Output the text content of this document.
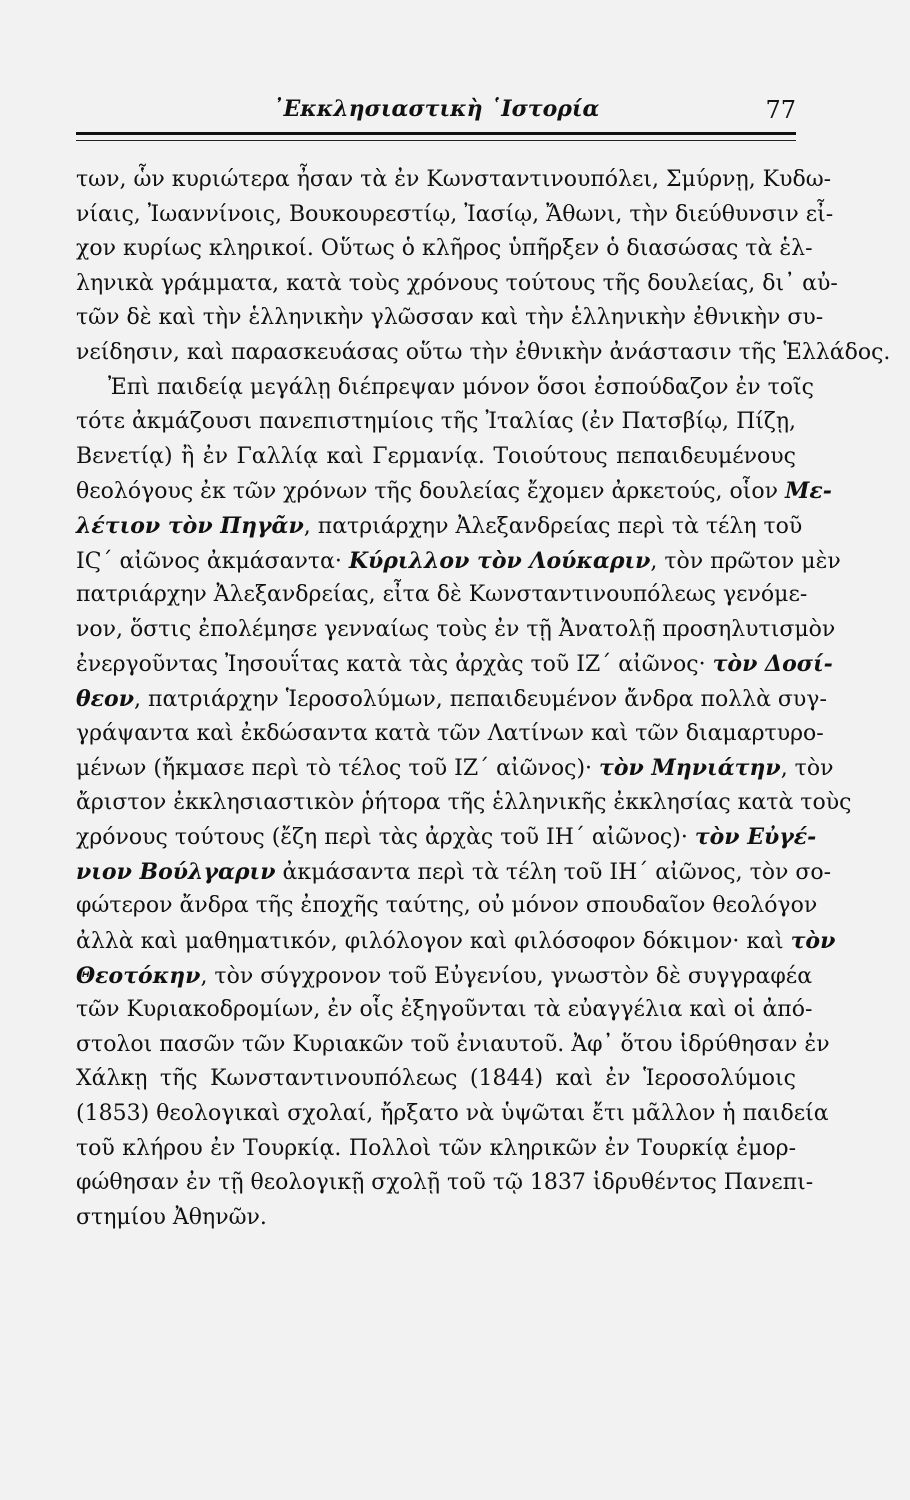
᾿Εκκλησιαστικὴ ῾Ιστορία	77
των, ὧν κυριώτερα ἦσαν τὰ ἐν Κωνσταντινουπόλει, Σμύρνῃ, Κυδω-
νίαις, Ἰωαννίνοις, Βουκουρεστίῳ, Ἰασίῳ, Ἄθωνι, τὴν διεύθυνσιν εἶ-
χον κυρίως κληρικοί. Οὕτως ὁ κλῆρος ὑπῆρξεν ὁ διασώσας τὰ ἑλ-
ληνικὰ γράμματα, κατὰ τοὺς χρόνους τούτους τῆς δουλείας, δι᾿ αὐ-
τῶν δὲ καὶ τὴν ἑλληνικὴν γλῶσσαν καὶ τὴν ἑλληνικὴν ἐθνικὴν συ-
νείδησιν, καὶ παρασκευάσας οὕτω τὴν ἐθνικὴν ἀνάστασιν τῆς Ἑλλάδος.
Ἐπὶ παιδείᾳ μεγάλῃ διέπρεψαν μόνον ὅσοι ἐσπούδαζον ἐν τοῖς
τότε ἀκμάζουσι πανεπιστημίοις τῆς Ἰταλίας (ἐν Πατσβίῳ, Πίζῃ,
Βενετίᾳ) ἢ ἐν Γαλλίᾳ καὶ Γερμανίᾳ. Τοιούτους πεπαιδευμένους
θεολόγους ἐκ τῶν χρόνων τῆς δουλείας ἔχομεν ἀρκετούς, οἷον Με-
λέτιον τὸν Πηγᾶν, πατριάρχην Ἀλεξανδρείας περὶ τὰ τέλη τοῦ
ΙϚ΄ αἰῶνος ἀκμάσαντα· Κύριλλον τὸν Λούκαριν, τὸν πρῶτον μὲν
πατριάρχην Ἀλεξανδρείας, εἶτα δὲ Κωνσταντινουπόλεως γενόμε-
νον, ὅστις ἐπολέμησε γενναίως τοὺς ἐν τῇ Ἀνατολῇ προσηλυτισμὸν
ἐνεργοῦντας Ἰησουΐτας κατὰ τὰς ἀρχὰς τοῦ ΙΖ΄ αἰῶνος· τὸν Δοσί-
θεον, πατριάρχην Ἱεροσολύμων, πεπαιδευμένον ἄνδρα πολλὰ συγ-
γράψαντα καὶ ἐκδώσαντα κατὰ τῶν Λατίνων καὶ τῶν διαμαρτυρο-
μένων (ἤκμασε περὶ τὸ τέλος τοῦ ΙΖ΄ αἰῶνος)· τὸν Μηνιάτην, τὸν
ἄριστον ἐκκλησιαστικὸν ῥήτορα τῆς ἑλληνικῆς ἐκκλησίας κατὰ τοὺς
χρόνους τούτους (ἔζη περὶ τὰς ἀρχὰς τοῦ ΙΗ΄ αἰῶνος)· τὸν Εὐγέ-
νιον Βούλγαριν ἀκμάσαντα περὶ τὰ τέλη τοῦ ΙΗ΄ αἰῶνος, τὸν σο-
φώτερον ἄνδρα τῆς ἐποχῆς ταύτης, οὐ μόνον σπουδαῖον θεολόγον
ἀλλὰ καὶ μαθηματικόν, φιλόλογον καὶ φιλόσοφον δόκιμον· καὶ τὸν
Θεοτόκην, τὸν σύγχρονον τοῦ Εὐγενίου, γνωστὸν δὲ συγγραφέα
τῶν Κυριακοδρομίων, ἐν οἷς ἐξηγοῦνται τὰ εὐαγγέλια καὶ οἱ ἀπό-
στολοι πασῶν τῶν Κυριακῶν τοῦ ἐνιαυτοῦ. Ἀφ᾿ ὅτου ἱδρύθησαν ἐν
Χάλκῃ τῆς Κωνσταντινουπόλεως (1844) καὶ ἐν Ἱεροσολύμοις
(1853) θεολογικαὶ σχολαί, ἤρξατο νὰ ὑψῶται ἔτι μᾶλλον ἡ παιδεία
τοῦ κλήρου ἐν Τουρκίᾳ. Πολλοὶ τῶν κληρικῶν ἐν Τουρκίᾳ ἐμορ-
φώθησαν ἐν τῇ θεολογικῇ σχολῇ τοῦ τῷ 1837 ἱδρυθέντος Πανεπι-
στημίου Ἀθηνῶν.
